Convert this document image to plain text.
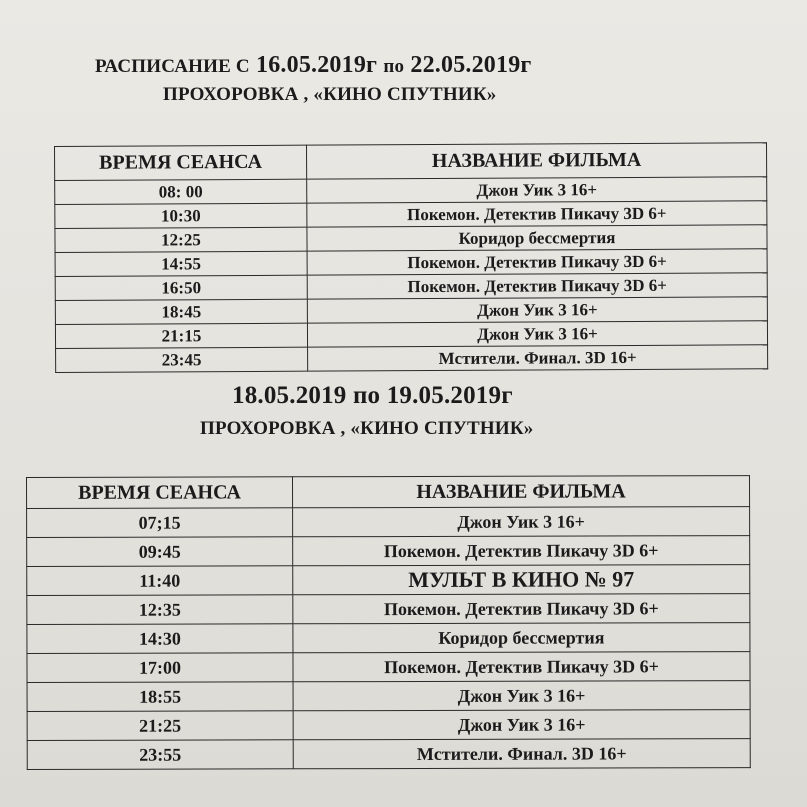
РАСПИСАНИЕ С 16.05.2019г по 22.05.2019г
ПРОХОРОВКА , «КИНО СПУТНИК»
ВРЕМЯ СЕАНСА	НАЗВАНИЕ ФИЛЬМА
08: 00	Джон Уик 3 16+
10:30	Покемон. Детектив Пикачу 3D 6+
12:25	Коридор бессмертия
14:55	Покемон. Детектив Пикачу 3D 6+
16:50	Покемон. Детектив Пикачу 3D 6+
18:45	Джон Уик 3 16+
21:15	Джон Уик 3 16+
23:45	Мстители. Финал. 3D 16+
18.05.2019 по 19.05.2019г
ПРОХОРОВКА , «КИНО СПУТНИК»
ВРЕМЯ СЕАНСА	НАЗВАНИЕ ФИЛЬМА
07;15	Джон Уик 3 16+
09:45	Покемон. Детектив Пикачу 3D 6+
11:40	МУЛЬТ В КИНО № 97
12:35	Покемон. Детектив Пикачу 3D 6+
14:30	Коридор бессмертия
17:00	Покемон. Детектив Пикачу 3D 6+
18:55	Джон Уик 3 16+
21:25	Джон Уик 3 16+
23:55	Мстители. Финал. 3D 16+
